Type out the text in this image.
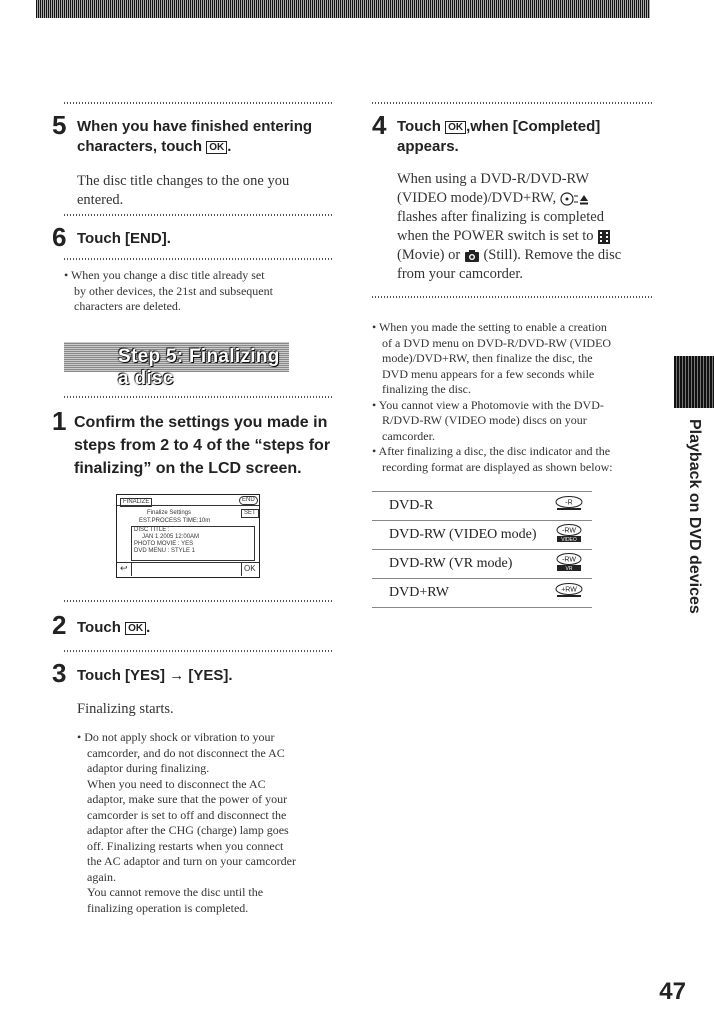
5 When you have finished entering
characters, touch OK .
The disc title changes to the one you
entered.
6 Touch [END].
• When you change a disc title already set
by other devices, the 21st and subsequent
characters are deleted.
Step 5: Finalizing a disc
1 Confirm the settings you made in
steps from 2 to 4 of the “steps for
finalizing” on the LCD screen.
FINALIZE	END
Finalize Settings	SET
EST.PROCESS TIME:10m
DISC TITLE :
JAN 1 2005 12:00AM
PHOTO MOVIE : YES
DVD MENU : STYLE 1
↩	OK
2 Touch OK .
3 Touch [YES] → [YES].
Finalizing starts.
• Do not apply shock or vibration to your
camcorder, and do not disconnect the AC
adaptor during finalizing.
When you need to disconnect the AC
adaptor, make sure that the power of your
camcorder is set to off and disconnect the
adaptor after the CHG (charge) lamp goes
off. Finalizing restarts when you connect
the AC adaptor and turn on your camcorder
again.
You cannot remove the disc until the
finalizing operation is completed.
4 Touch OK ,when [Completed]
appears.
When using a DVD-R/DVD-RW
(VIDEO mode)/DVD+RW,
flashes after finalizing is completed
when the POWER switch is set to
(Movie) or (Still). Remove the disc
from your camcorder.
• When you made the setting to enable a creation
of a DVD menu on DVD-R/DVD-RW (VIDEO
mode)/DVD+RW, then finalize the disc, the
DVD menu appears for a few seconds while
finalizing the disc.
• You cannot view a Photomovie with the DVD-
R/DVD-RW (VIDEO mode) discs on your
camcorder.
• After finalizing a disc, the disc indicator and the
recording format are displayed as shown below:
DVD-R	-R
DVD-RW (VIDEO mode)	-RW
VIDEO
DVD-RW (VR mode)	-RW
VR
DVD+RW	+RW	Playback on DVD devices
47
